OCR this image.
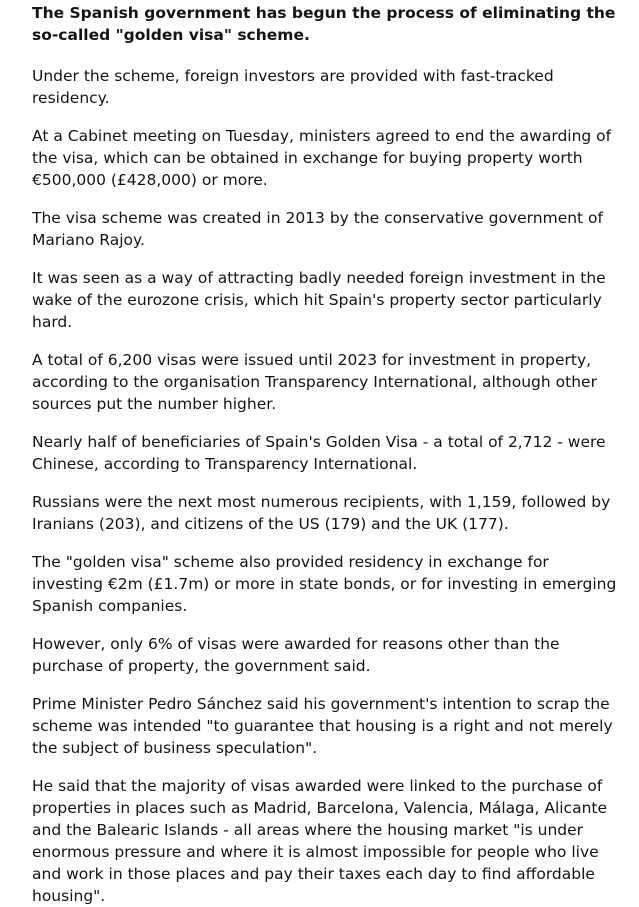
The Spanish government has begun the process of eliminating the so-called "golden visa" scheme.

Under the scheme, foreign investors are provided with fast-tracked residency.

At a Cabinet meeting on Tuesday, ministers agreed to end the awarding of the visa, which can be obtained in exchange for buying property worth €500,000 (£428,000) or more.

The visa scheme was created in 2013 by the conservative government of Mariano Rajoy.

It was seen as a way of attracting badly needed foreign investment in the wake of the eurozone crisis, which hit Spain's property sector particularly hard.

A total of 6,200 visas were issued until 2023 for investment in property, according to the organisation Transparency International, although other sources put the number higher.

Nearly half of beneficiaries of Spain's Golden Visa - a total of 2,712 - were Chinese, according to Transparency International.

Russians were the next most numerous recipients, with 1,159, followed by Iranians (203), and citizens of the US (179) and the UK (177).

The "golden visa" scheme also provided residency in exchange for investing €2m (£1.7m) or more in state bonds, or for investing in emerging Spanish companies.

However, only 6% of visas were awarded for reasons other than the purchase of property, the government said.

Prime Minister Pedro Sánchez said his government's intention to scrap the scheme was intended "to guarantee that housing is a right and not merely the subject of business speculation".

He said that the majority of visas awarded were linked to the purchase of properties in places such as Madrid, Barcelona, Valencia, Málaga, Alicante and the Balearic Islands - all areas where the housing market "is under enormous pressure and where it is almost impossible for people who live and work in those places and pay their taxes each day to find affordable housing".
